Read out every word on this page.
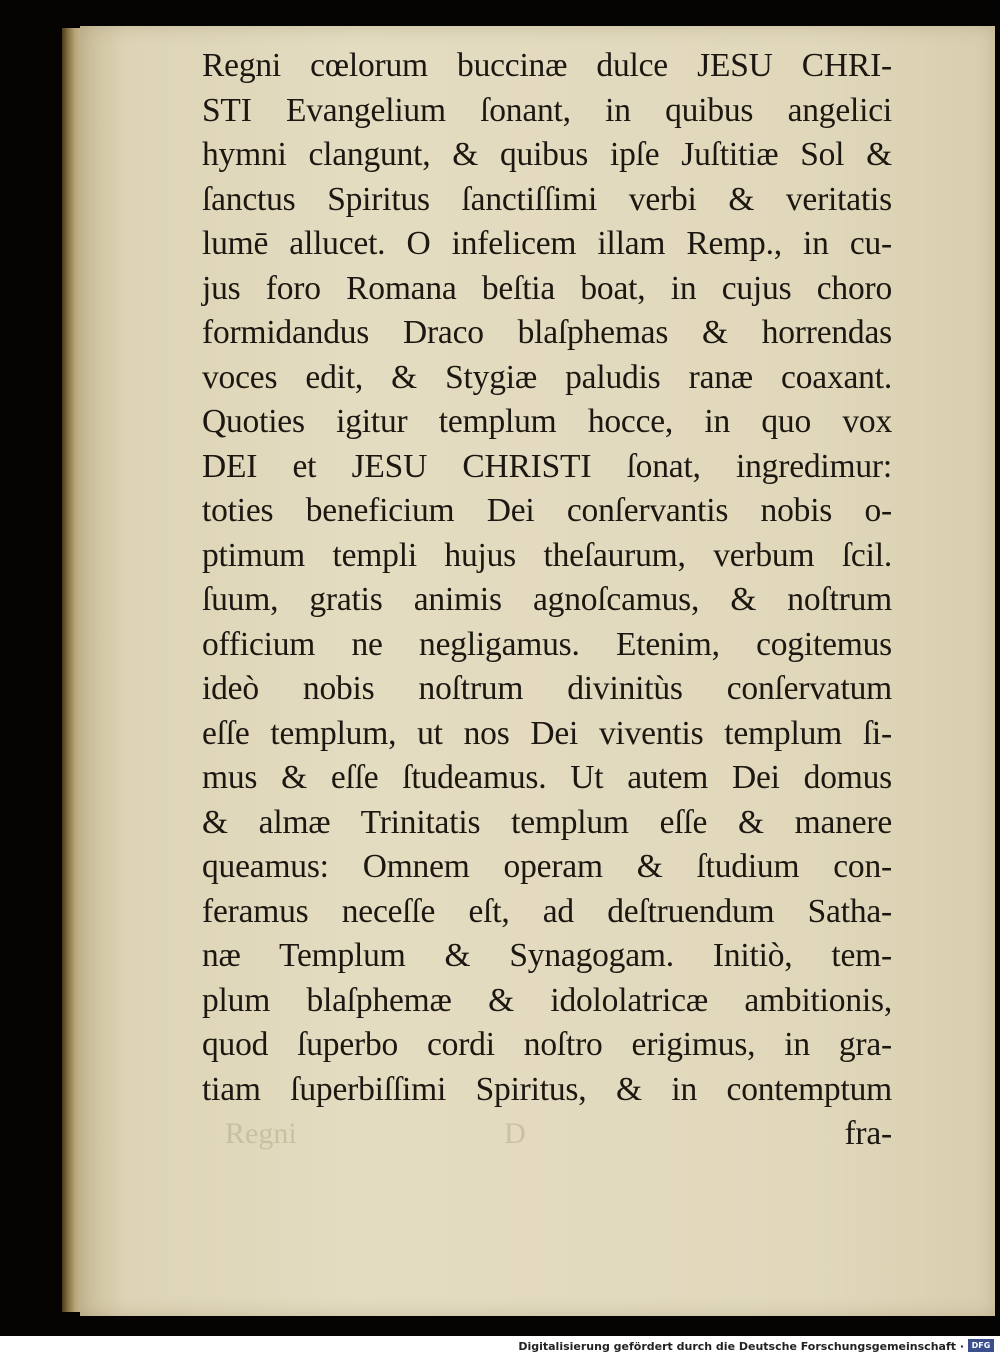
Regni	D
Regni cœlorum buccinæ dulce JESU CHRI-
STI Evangelium ſonant, in quibus angelici
hymni clangunt, & quibus ipſe Juſtitiæ Sol &
ſanctus Spiritus ſanctiſſimi verbi & veritatis
lumē allucet. O infelicem illam Remp., in cu-
jus foro Romana beſtia boat, in cujus choro
formidandus Draco blaſphemas & horrendas
voces edit, & Stygiæ paludis ranæ coaxant.
Quoties igitur templum hocce, in quo vox
DEI et JESU CHRISTI ſonat, ingredimur:
toties beneficium Dei conſervantis nobis o-
ptimum templi hujus theſaurum, verbum ſcil.
ſuum, gratis animis agnoſcamus, & noſtrum
officium ne negligamus. Etenim, cogitemus
ideò nobis noſtrum divinitùs conſervatum
eſſe templum, ut nos Dei viventis templum ſi-
mus & eſſe ſtudeamus. Ut autem Dei domus
& almæ Trinitatis templum eſſe & manere
queamus: Omnem operam & ſtudium con-
feramus neceſſe eſt, ad deſtruendum Satha-
næ Templum & Synagogam. Initiò, tem-
plum blaſphemæ & idololatricæ ambitionis,
quod ſuperbo cordi noſtro erigimus, in gra-
tiam ſuperbiſſimi Spiritus, & in contemptum
fra-
Digitalisierung gefördert durch die Deutsche Forschungsgemeinschaft · DFG
